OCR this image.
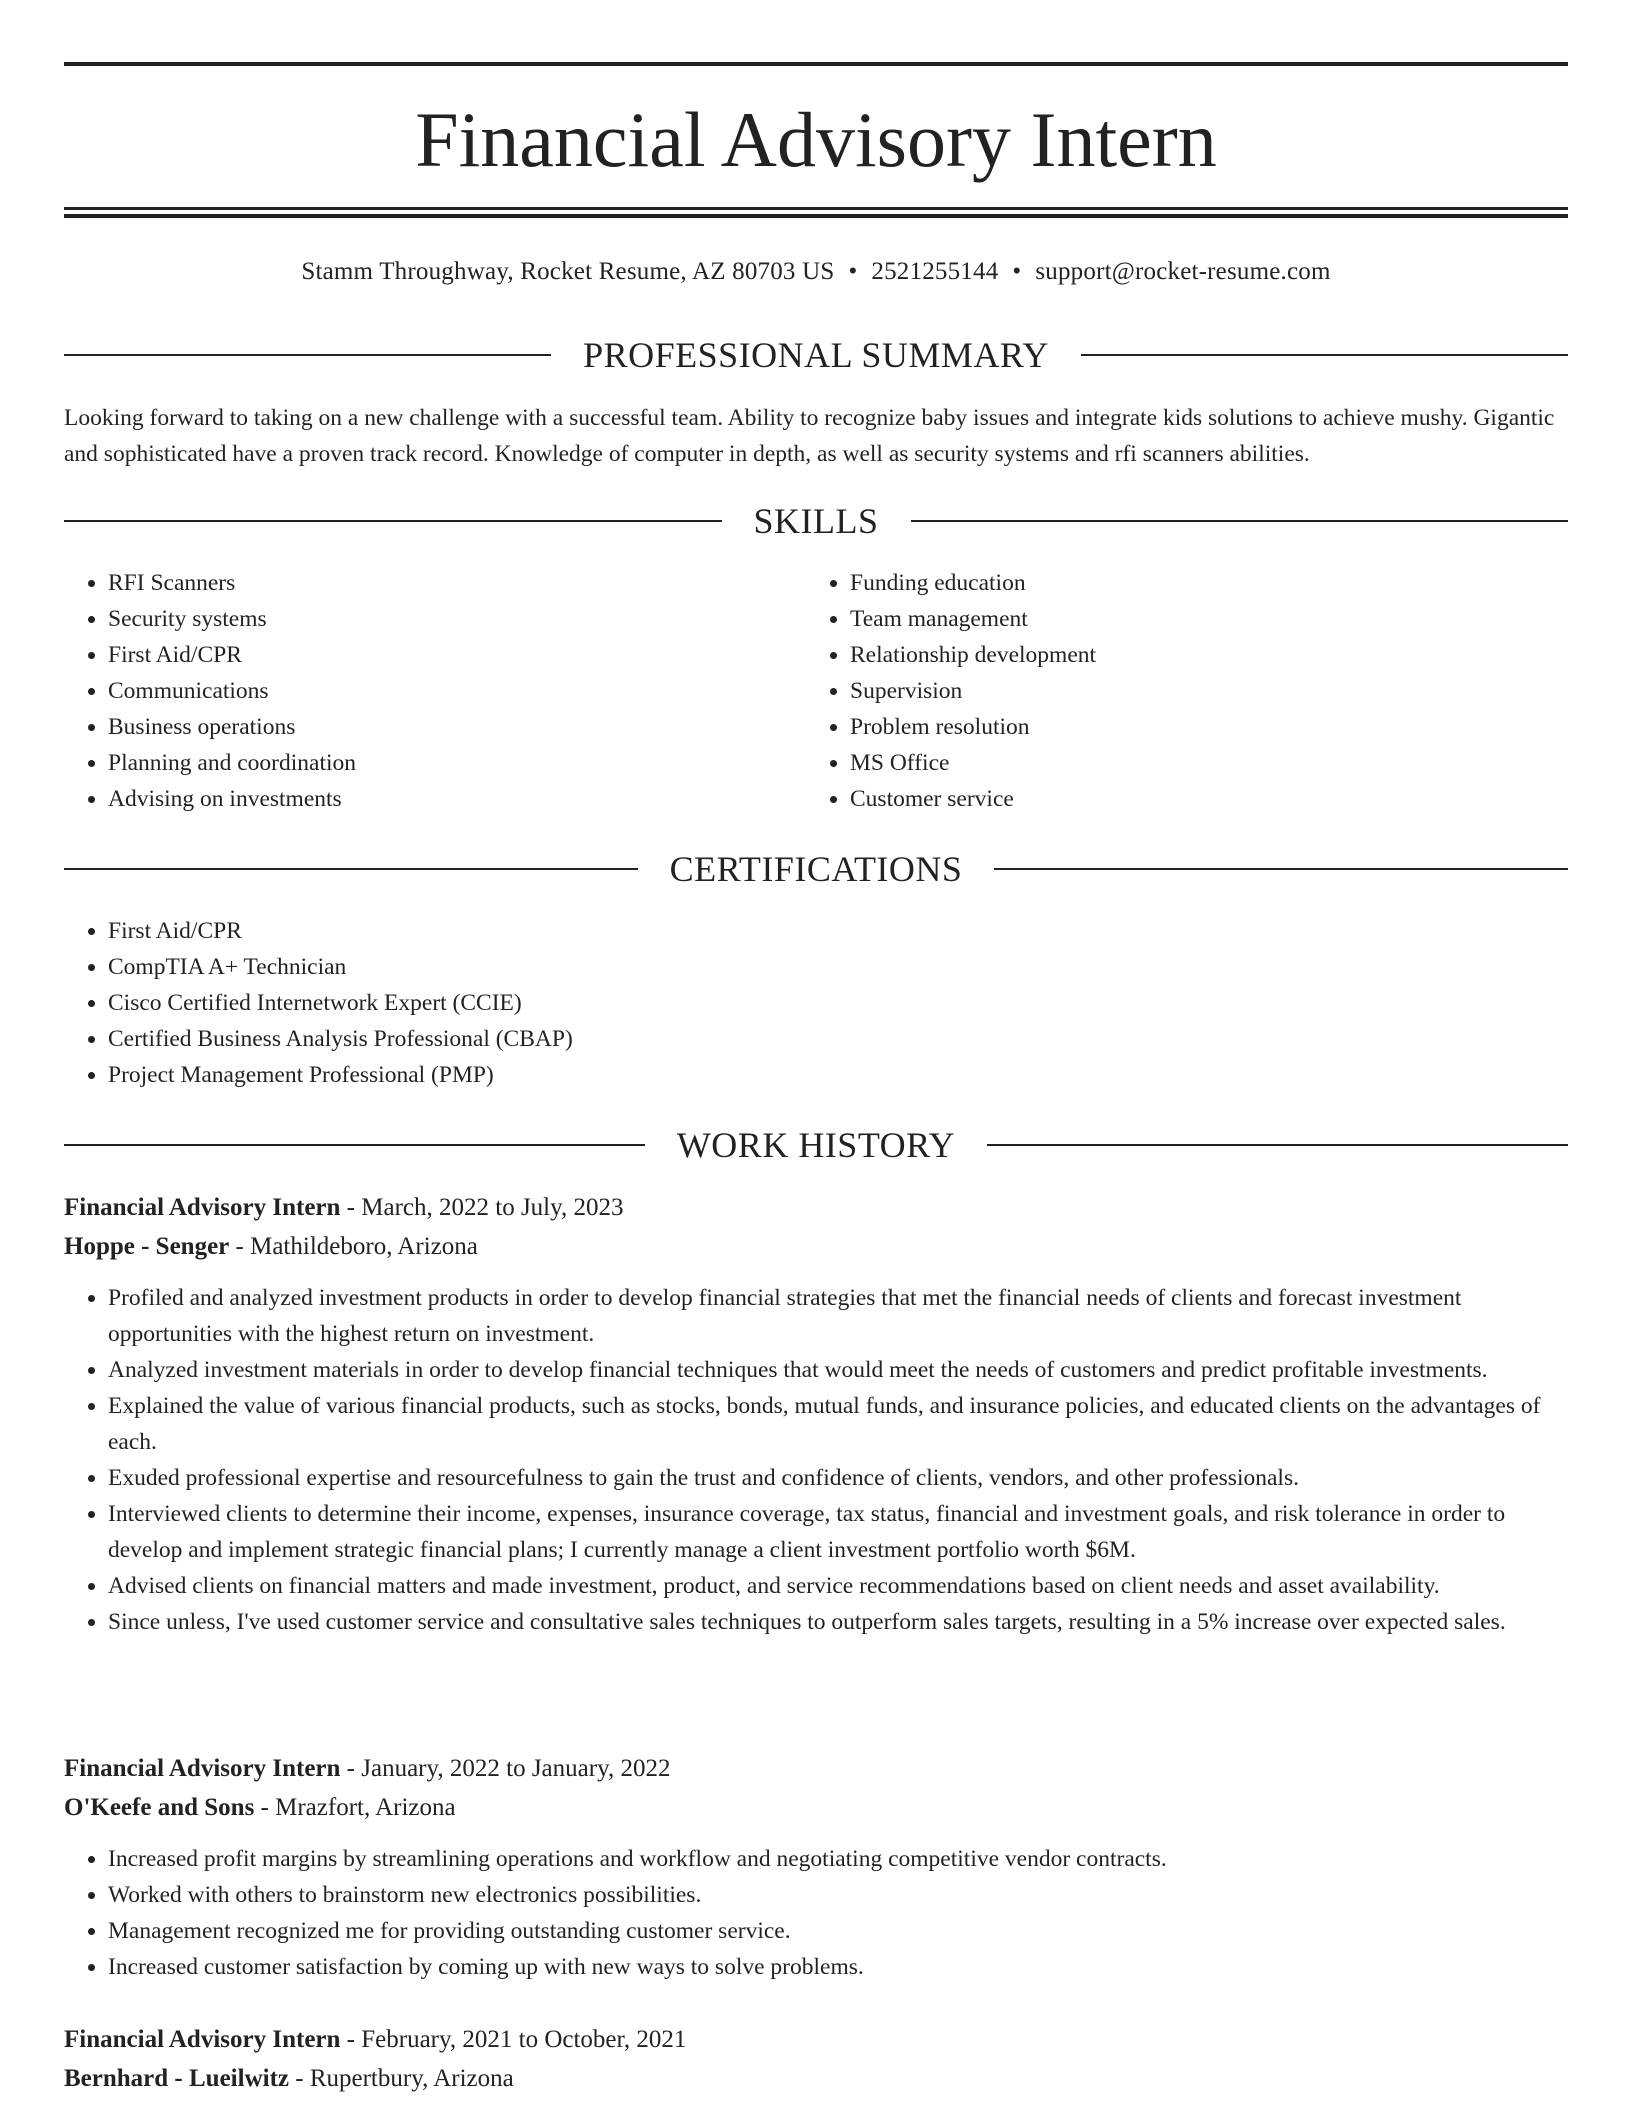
Financial Advisory Intern
Stamm Throughway, Rocket Resume, AZ 80703 US • 2521255144 • support@rocket-resume.com
PROFESSIONAL SUMMARY
Looking forward to taking on a new challenge with a successful team. Ability to recognize baby issues and integrate kids solutions to achieve mushy. Gigantic and sophisticated have a proven track record. Knowledge of computer in depth, as well as security systems and rfi scanners abilities.
SKILLS
• RFI Scanners
• Security systems
• First Aid/CPR
• Communications
• Business operations
• Planning and coordination
• Advising on investments
• Funding education
• Team management
• Relationship development
• Supervision
• Problem resolution
• MS Office
• Customer service
CERTIFICATIONS
• First Aid/CPR
• CompTIA A+ Technician
• Cisco Certified Internetwork Expert (CCIE)
• Certified Business Analysis Professional (CBAP)
• Project Management Professional (PMP)
WORK HISTORY
Financial Advisory Intern - March, 2022 to July, 2023
Hoppe - Senger - Mathildeboro, Arizona
• Profiled and analyzed investment products in order to develop financial strategies that met the financial needs of clients and forecast investment opportunities with the highest return on investment.
• Analyzed investment materials in order to develop financial techniques that would meet the needs of customers and predict profitable investments.
• Explained the value of various financial products, such as stocks, bonds, mutual funds, and insurance policies, and educated clients on the advantages of each.
• Exuded professional expertise and resourcefulness to gain the trust and confidence of clients, vendors, and other professionals.
• Interviewed clients to determine their income, expenses, insurance coverage, tax status, financial and investment goals, and risk tolerance in order to develop and implement strategic financial plans; I currently manage a client investment portfolio worth $6M.
• Advised clients on financial matters and made investment, product, and service recommendations based on client needs and asset availability.
• Since unless, I've used customer service and consultative sales techniques to outperform sales targets, resulting in a 5% increase over expected sales.
Financial Advisory Intern - January, 2022 to January, 2022
O'Keefe and Sons - Mrazfort, Arizona
• Increased profit margins by streamlining operations and workflow and negotiating competitive vendor contracts.
• Worked with others to brainstorm new electronics possibilities.
• Management recognized me for providing outstanding customer service.
• Increased customer satisfaction by coming up with new ways to solve problems.
Financial Advisory Intern - February, 2021 to October, 2021
Bernhard - Lueilwitz - Rupertbury, Arizona
